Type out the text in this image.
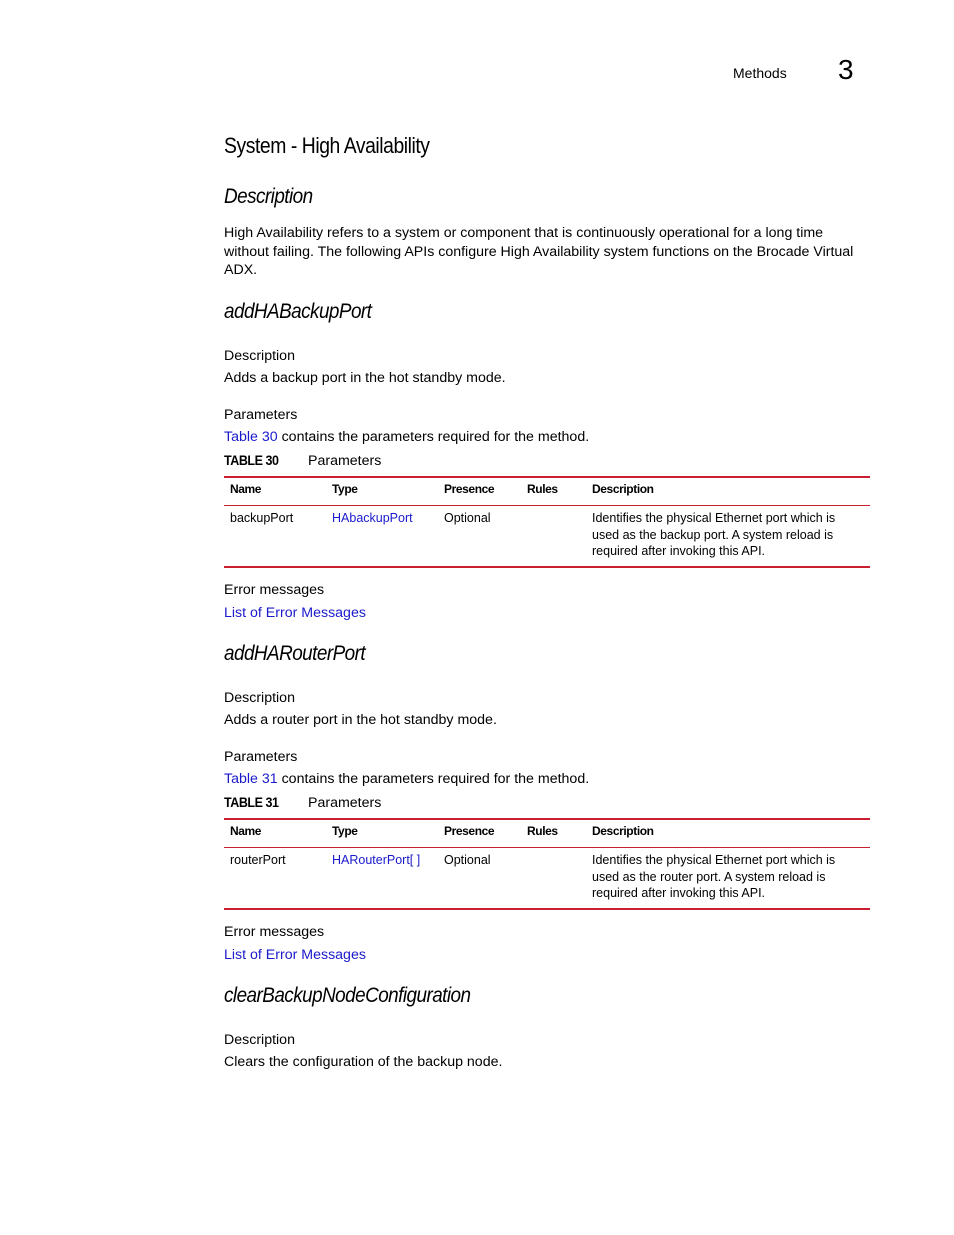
Methods 3
System - High Availability
Description
High Availability refers to a system or component that is continuously operational for a long time without failing. The following APIs configure High Availability system functions on the Brocade Virtual ADX.
addHABackupPort
Description
Adds a backup port in the hot standby mode.
Parameters
Table 30 contains the parameters required for the method.
TABLE 30 Parameters
Name	Type	Presence	Rules	Description
backupPort	HAbackupPort	Optional		Identifies the physical Ethernet port which is used as the backup port. A system reload is required after invoking this API.
Error messages
List of Error Messages
addHARouterPort
Description
Adds a router port in the hot standby mode.
Parameters
Table 31 contains the parameters required for the method.
TABLE 31 Parameters
Name	Type	Presence	Rules	Description
routerPort	HARouterPort[ ]	Optional		Identifies the physical Ethernet port which is used as the router port. A system reload is required after invoking this API.
Error messages
List of Error Messages
clearBackupNodeConfiguration
Description
Clears the configuration of the backup node.
